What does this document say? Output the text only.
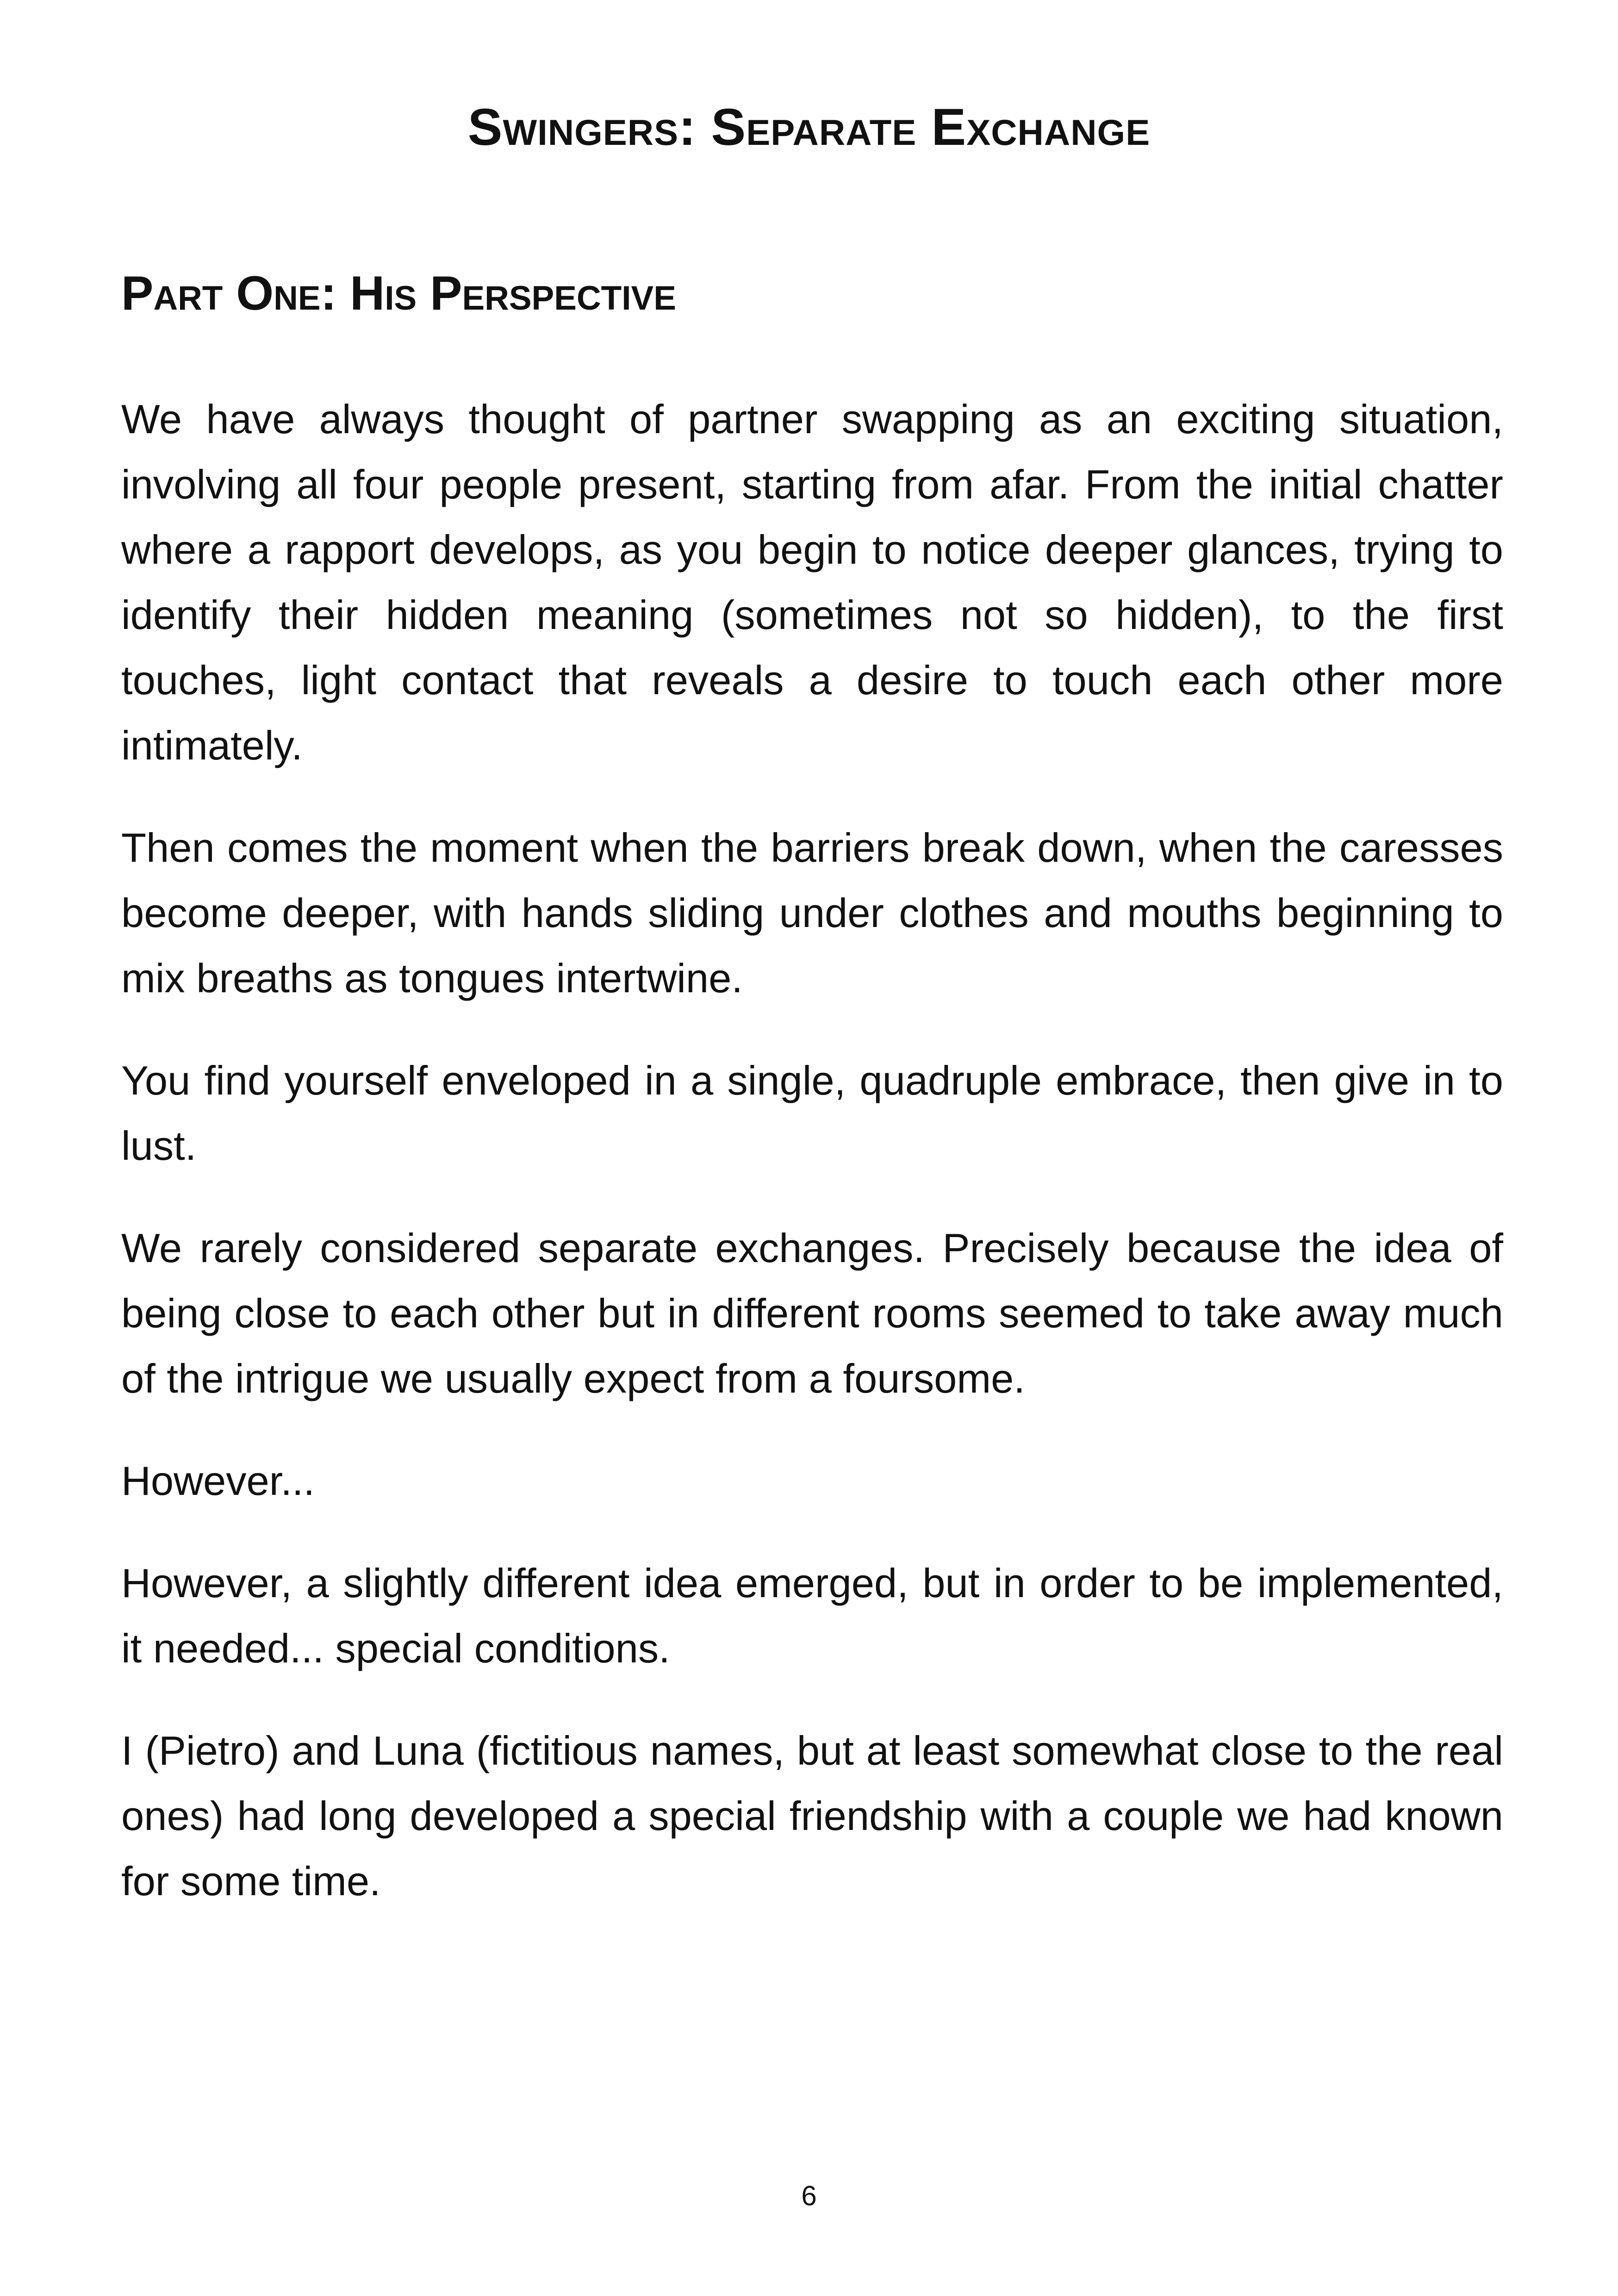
Swingers: Separate Exchange
Part One: His Perspective

We have always thought of partner swapping as an exciting situation, involving all four people present, starting from afar. From the initial chatter where a rapport develops, as you begin to notice deeper glances, trying to identify their hidden meaning (sometimes not so hidden), to the first touches, light contact that reveals a desire to touch each other more intimately.

Then comes the moment when the barriers break down, when the caresses become deeper, with hands sliding under clothes and mouths beginning to mix breaths as tongues intertwine.

You find yourself enveloped in a single, quadruple embrace, then give in to lust.

We rarely considered separate exchanges. Precisely because the idea of being close to each other but in different rooms seemed to take away much of the intrigue we usually expect from a foursome.

However...

However, a slightly different idea emerged, but in order to be implemented, it needed... special conditions.

I (Pietro) and Luna (fictitious names, but at least somewhat close to the real ones) had long developed a special friendship with a couple we had known for some time.

6
